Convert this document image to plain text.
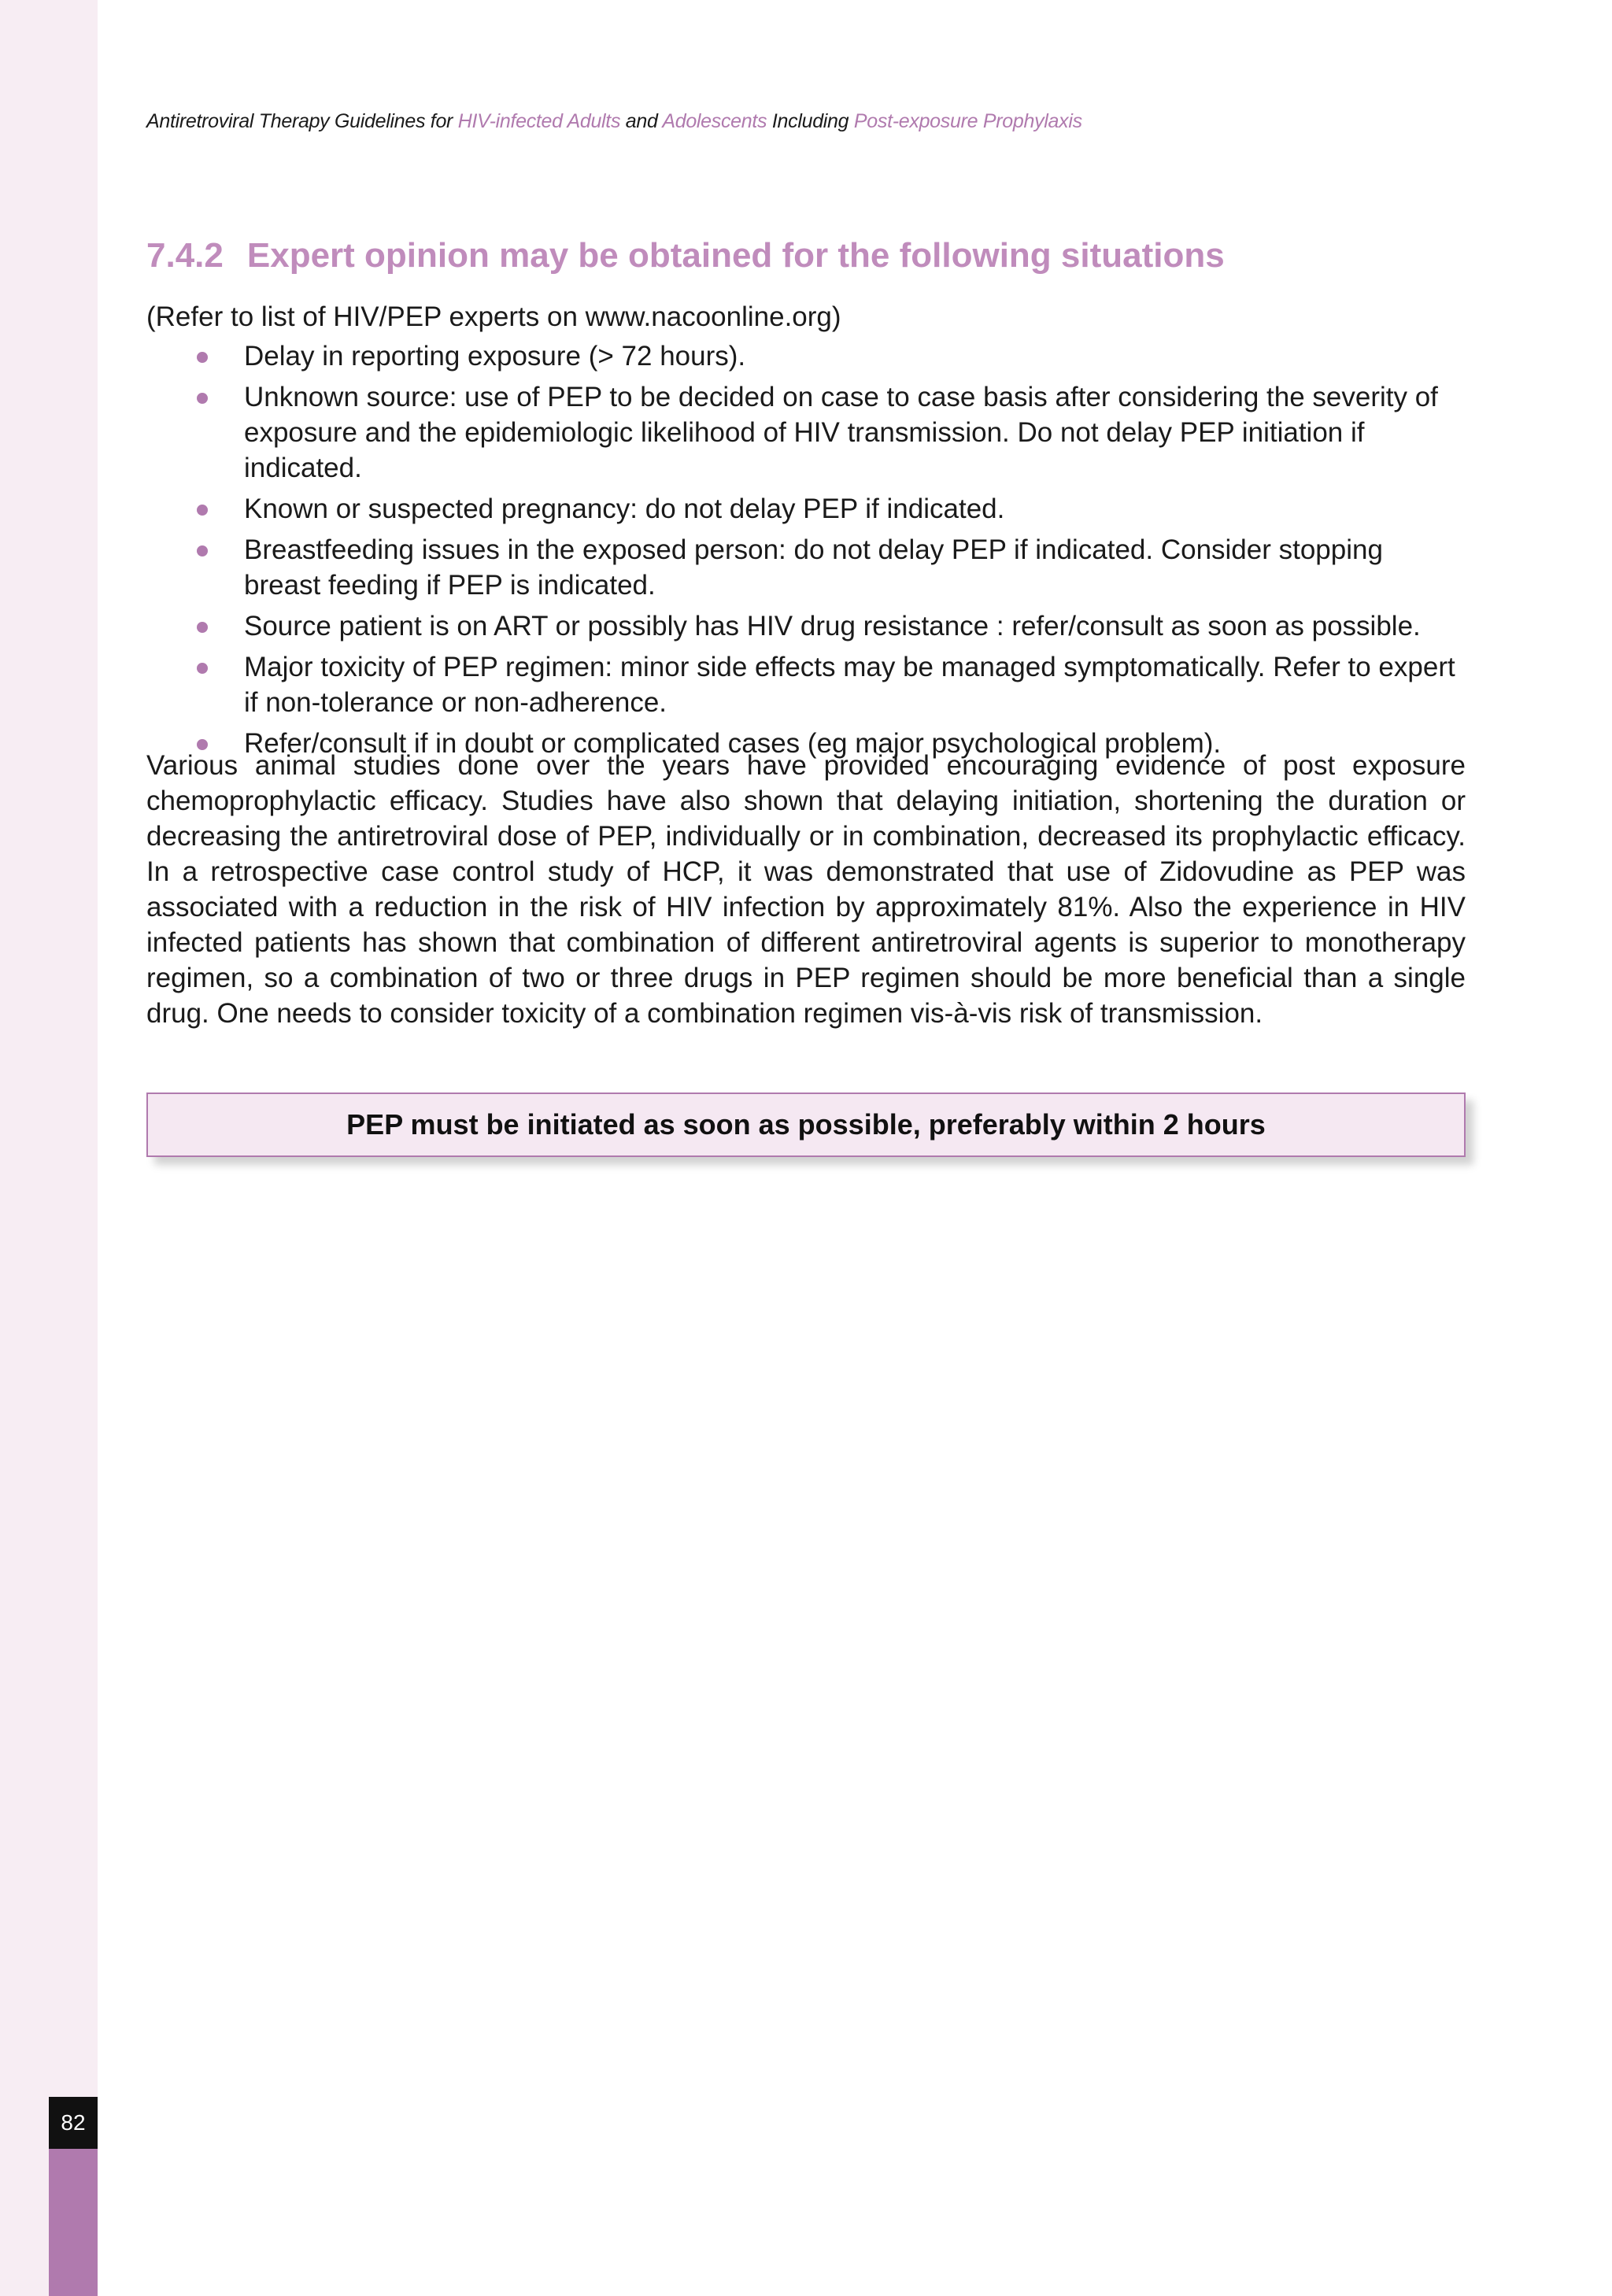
Antiretroviral Therapy Guidelines for HIV-infected Adults and Adolescents Including Post-exposure Prophylaxis
7.4.2 Expert opinion may be obtained for the following situations
(Refer to list of HIV/PEP experts on www.nacoonline.org)
Delay in reporting exposure (> 72 hours).
Unknown source: use of PEP to be decided on case to case basis after considering the severity of exposure and the epidemiologic likelihood of HIV transmission. Do not delay PEP initiation if indicated.
Known or suspected pregnancy: do not delay PEP if indicated.
Breastfeeding issues in the exposed person: do not delay PEP if indicated. Consider stopping breast feeding if PEP is indicated.
Source patient is on ART or possibly has HIV drug resistance : refer/consult as soon as possible.
Major toxicity of PEP regimen: minor side effects may be managed symptomatically. Refer to expert if non-tolerance or non-adherence.
Refer/consult if in doubt or complicated cases (eg major psychological problem).
Various animal studies done over the years have provided encouraging evidence of post exposure chemoprophylactic efficacy. Studies have also shown that delaying initiation, shortening the duration or decreasing the antiretroviral dose of PEP, individually or in combination, decreased its prophylactic efficacy. In a retrospective case control study of HCP, it was demonstrated that use of Zidovudine as PEP was associated with a reduction in the risk of HIV infection by approximately 81%. Also the experience in HIV infected patients has shown that combination of different antiretroviral agents is superior to monotherapy regimen, so a combination of two or three drugs in PEP regimen should be more beneficial than a single drug. One needs to consider toxicity of a combination regimen vis-à-vis risk of transmission.
PEP must be initiated as soon as possible, preferably within 2 hours
82
